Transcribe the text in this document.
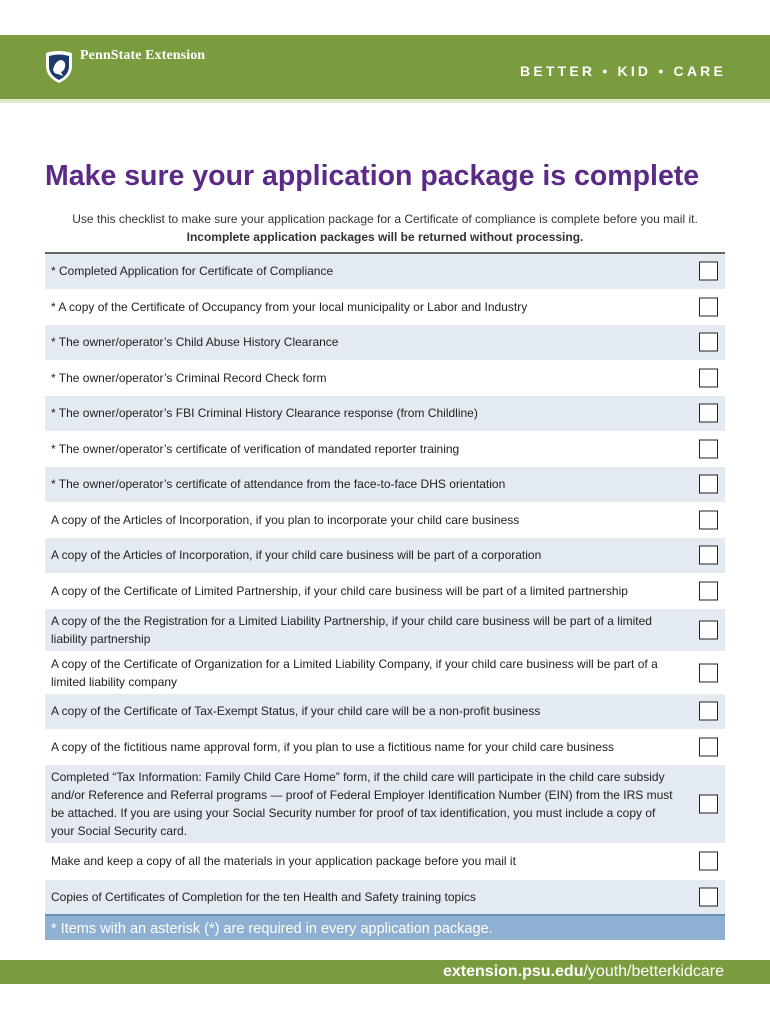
PennState Extension
BETTER • KID • CARE
Make sure your application package is complete
Use this checklist to make sure your application package for a Certificate of compliance is complete before you mail it.
Incomplete application packages will be returned without processing.
* Completed Application for Certificate of Compliance
* A copy of the Certificate of Occupancy from your local municipality or Labor and Industry
* The owner/operator’s Child Abuse History Clearance
* The owner/operator’s Criminal Record Check form
* The owner/operator’s FBI Criminal History Clearance response (from Childline)
* The owner/operator’s certificate of verification of mandated reporter training
* The owner/operator’s certificate of attendance from the face-to-face DHS orientation
A copy of the Articles of Incorporation, if you plan to incorporate your child care business
A copy of the Articles of Incorporation, if your child care business will be part of a corporation
A copy of the Certificate of Limited Partnership, if your child care business will be part of a limited partnership
A copy of the the Registration for a Limited Liability Partnership, if your child care business will be part of a limited liability partnership
A copy of the Certificate of Organization for a Limited Liability Company, if your child care business will be part of a limited liability company
A copy of the Certificate of Tax-Exempt Status, if your child care will be a non-profit business
A copy of the fictitious name approval form, if you plan to use a fictitious name for your child care business
Completed “Tax Information: Family Child Care Home” form, if the child care will participate in the child care subsidy and/or Reference and Referral programs — proof of Federal Employer Identification Number (EIN) from the IRS must be attached. If you are using your Social Security number for proof of tax identification, you must include a copy of your Social Security card.
Make and keep a copy of all the materials in your application package before you mail it
Copies of Certificates of Completion for the ten Health and Safety training topics
* Items with an asterisk (*) are required in every application package.
extension.psu.edu/youth/betterkidcare
